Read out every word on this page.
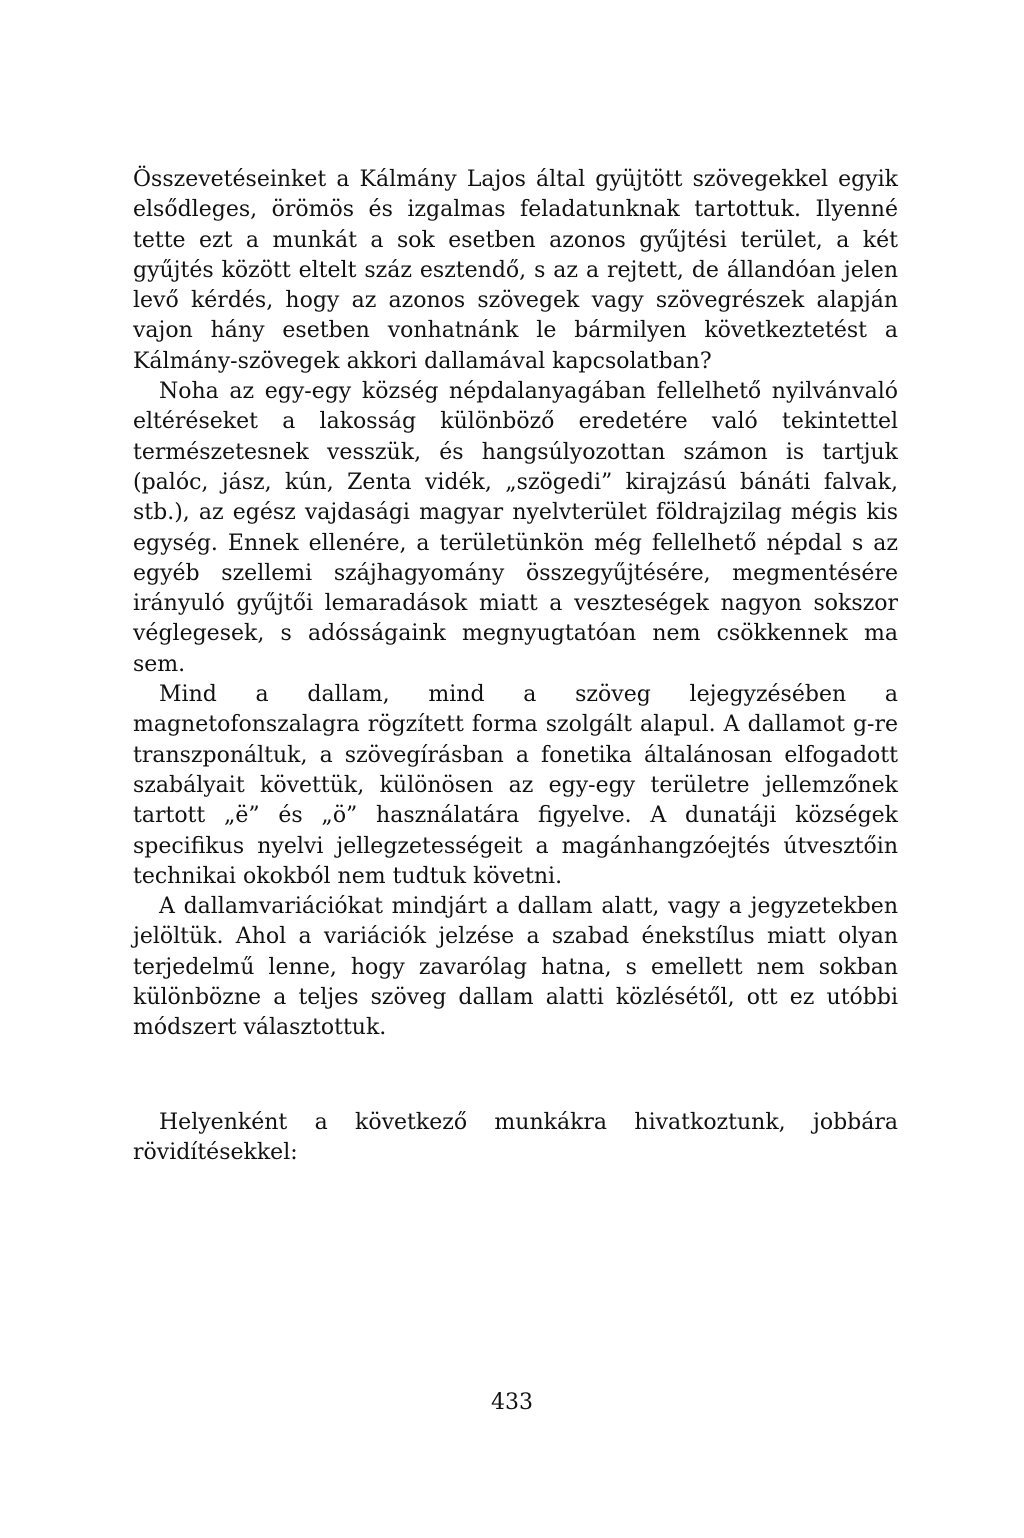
Összevetéseinket a Kálmány Lajos által gyüjtött szövegekkel egyik elsődleges, örömös és izgalmas feladatunknak tartottuk. Ilyenné tette ezt a munkát a sok esetben azonos gyűjtési terület, a két gyűjtés között eltelt száz esztendő, s az a rejtett, de állandóan jelen levő kérdés, hogy az azonos szövegek vagy szövegrészek alapján vajon hány esetben vonhatnánk le bármilyen következtetést a Kálmány-szövegek akkori dallamával kapcsolatban?

Noha az egy-egy község népdalanyagában fellelhető nyilvánvaló eltéréseket a lakosság különböző eredetére való tekintettel természetesnek vesszük, és hangsúlyozottan számon is tartjuk (palóc, jász, kún, Zenta vidék, „szögedi” kirajzású bánáti falvak, stb.), az egész vajdasági magyar nyelvterület földrajzilag mégis kis egység. Ennek ellenére, a területünkön még fellelhető népdal s az egyéb szellemi szájhagyomány összegyűjtésére, megmentésére irányuló gyűjtői lemaradások miatt a veszteségek nagyon sokszor véglegesek, s adósságaink megnyugtatóan nem csökkennek ma sem.

Mind a dallam, mind a szöveg lejegyzésében a magnetofonszalagra rögzített forma szolgált alapul. A dallamot g-re transzponáltuk, a szövegírásban a fonetika általánosan elfogadott szabályait követtük, különösen az egy-egy területre jellemzőnek tartott „ë” és „ö” használatára figyelve. A dunatáji községek specifikus nyelvi jellegzetességeit a magánhangzóejtés útvesztőin technikai okokból nem tudtuk követni.

A dallamvariációkat mindjárt a dallam alatt, vagy a jegyzetekben jelöltük. Ahol a variációk jelzése a szabad énekstílus miatt olyan terjedelmű lenne, hogy zavarólag hatna, s emellett nem sokban különbözne a teljes szöveg dallam alatti közlésétől, ott ez utóbbi módszert választottuk.

Helyenként a következő munkákra hivatkoztunk, jobbára rövidítésekkel:

433
